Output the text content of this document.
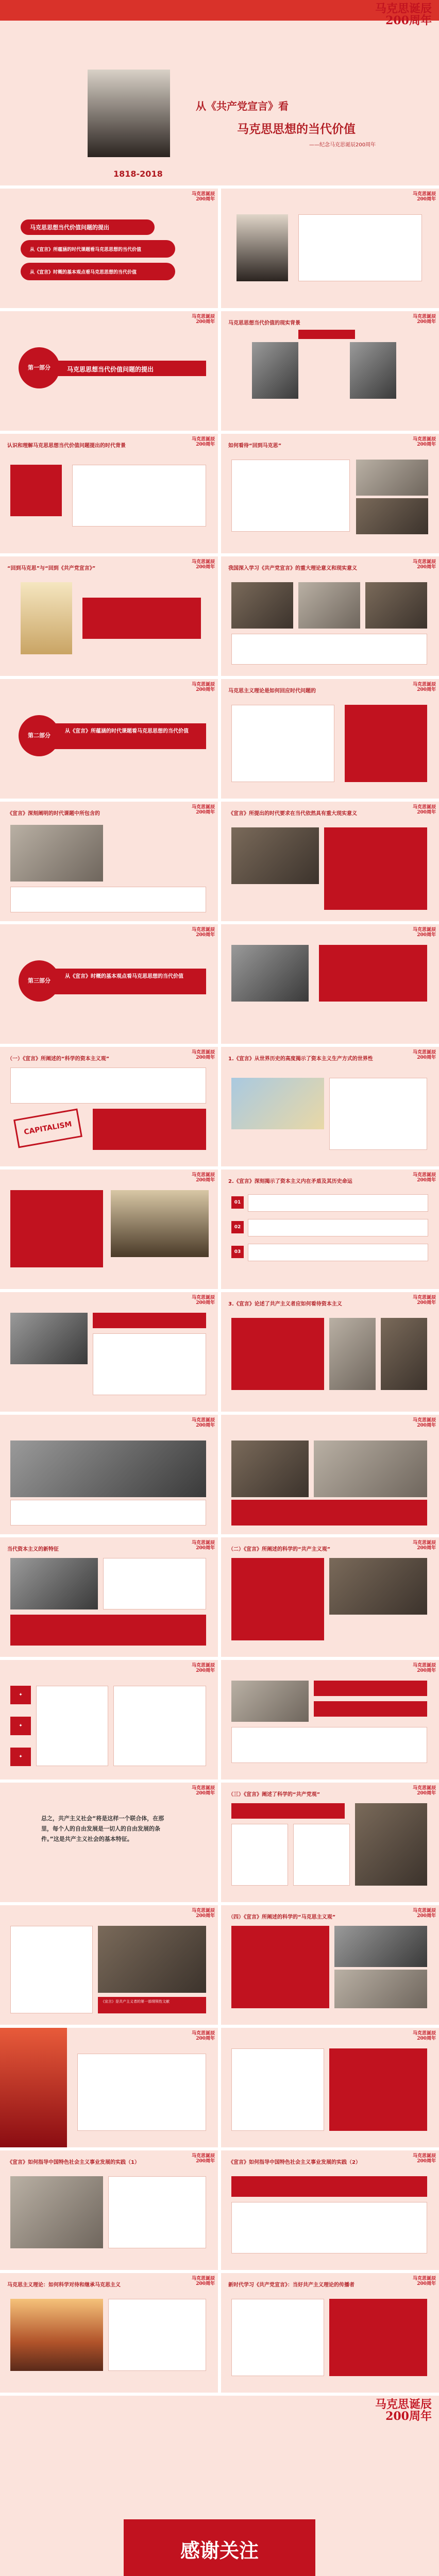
马克思诞辰
200周年
1818-2018
从《共产党宣言》看
马克思思想的当代价值
——纪念马克思诞辰200周年
马克思诞辰
200周年
马克思思想当代价值问题的提出
从《宣言》所蕴涵的时代课题看马克思思想的当代价值
从《宣言》时概的基本观点看马克思思想的当代价值
马克思诞辰
200周年
马克思诞辰
200周年
第一部分	马克思思想当代价值问题的提出
马克思诞辰
200周年
马克思思想当代价值的现实背景
马克思诞辰
200周年
认识和理解马克思思想当代价值问题提出的时代背景
马克思诞辰
200周年
如何看待“回到马克思”
马克思诞辰
200周年
“回到马克思”与“回到《共产党宣言》”
马克思诞辰
200周年
我国深入学习《共产党宣言》的重大理论意义和现实意义
马克思诞辰
200周年
第二部分
从《宣言》所蕴涵的时代课题看马克思思想的当代价值
马克思诞辰
200周年
马克思主义理论是如何回应时代问题的
马克思诞辰
200周年
《宣言》深刻阐明的时代课题中所包含的
马克思诞辰
200周年
《宣言》所提出的时代要求在当代依然具有重大现实意义
马克思诞辰
200周年
第三部分
从《宣言》时概的基本观点看马克思思想的当代价值
马克思诞辰
200周年
马克思诞辰
200周年
（一）《宣言》所阐述的“科学的资本主义观”
CAPITALISM
马克思诞辰
200周年
1.《宣言》从世界历史的高度揭示了资本主义生产方式的世界性
马克思诞辰
200周年
马克思诞辰
200周年
2.《宣言》深刻揭示了资本主义内在矛盾及其历史命运
01
02
03
马克思诞辰
200周年
马克思诞辰
200周年
3.《宣言》论述了共产主义者应如何看待资本主义
马克思诞辰
200周年
马克思诞辰
200周年
马克思诞辰
200周年
当代资本主义的新特征
马克思诞辰
200周年
（二）《宣言》所阐述的科学的“共产主义观”
马克思诞辰
200周年
✦
✦
✦
马克思诞辰
200周年
马克思诞辰
200周年
总之，共产主义社会“将是这样一个联合体，在那里，每个人的自由发展是一切人的自由发展的条件。”这是共产主义社会的基本特征。
马克思诞辰
200周年
（三）《宣言》阐述了科学的“共产党观”
马克思诞辰
200周年
《宣言》是共产主义者的第一部纲领性文献
马克思诞辰
200周年
（四）《宣言》所阐述的科学的“马克思主义观”
马克思诞辰
200周年
马克思诞辰
200周年
马克思诞辰
200周年
《宣言》如何指导中国特色社会主义事业发展的实践（1）
马克思诞辰
200周年
《宣言》如何指导中国特色社会主义事业发展的实践（2）
马克思诞辰
200周年
马克思主义理论：如何科学对待和继承马克思主义
马克思诞辰
200周年
新时代学习《共产党宣言》：当好共产主义理论的传播者
马克思诞辰
200周年
感谢关注
